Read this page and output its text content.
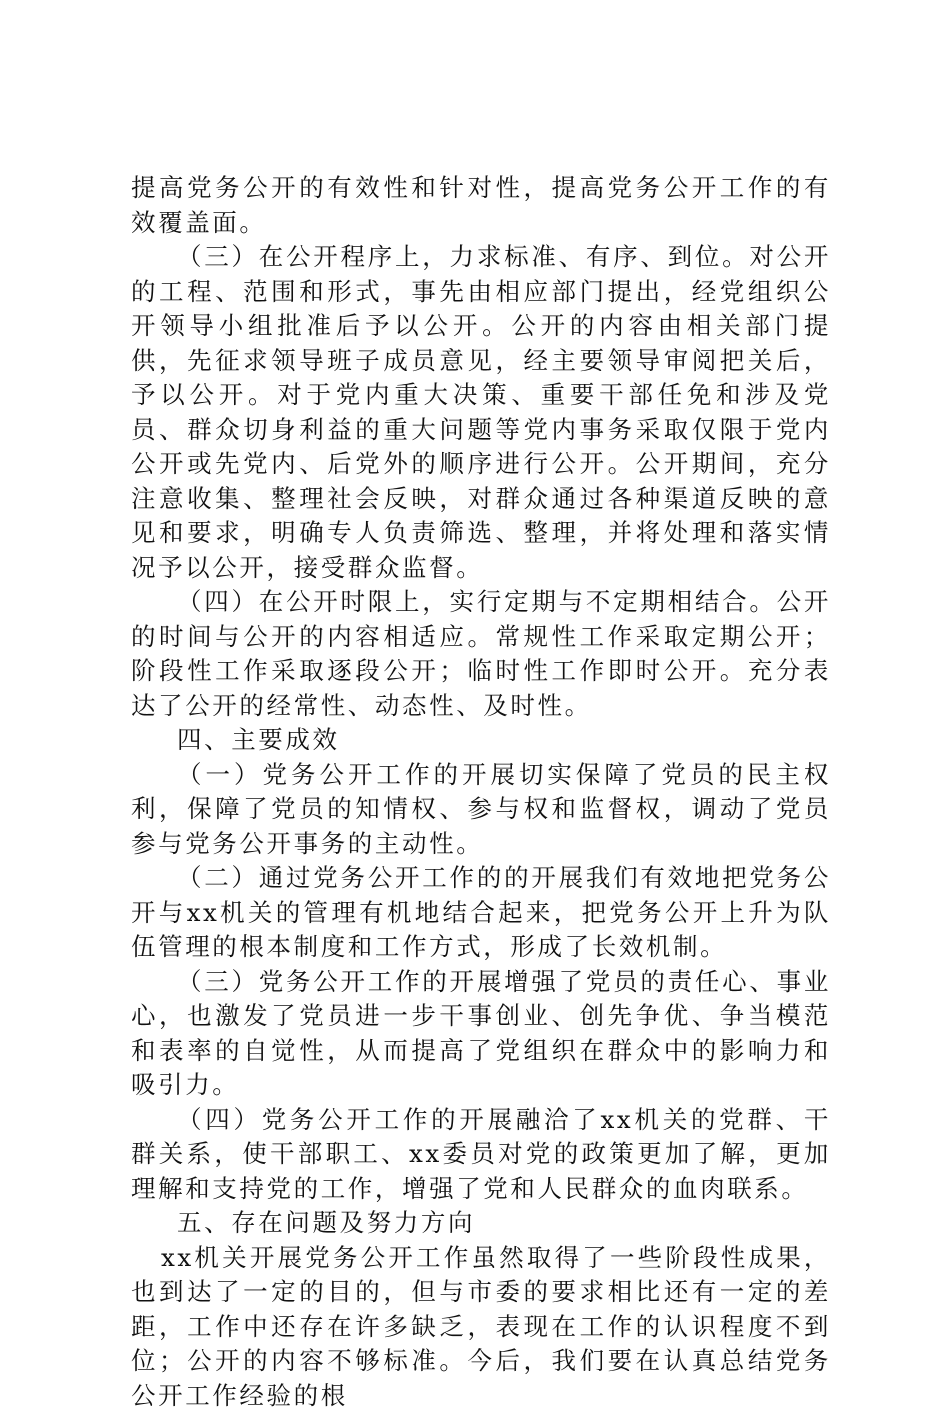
提高党务公开的有效性和针对性，提高党务公开工作的有效覆盖面。

（三）在公开程序上，力求标准、有序、到位。对公开的工程、范围和形式，事先由相应部门提出，经党组织公开领导小组批准后予以公开。公开的内容由相关部门提供，先征求领导班子成员意见，经主要领导审阅把关后，予以公开。对于党内重大决策、重要干部任免和涉及党员、群众切身利益的重大问题等党内事务采取仅限于党内公开或先党内、后党外的顺序进行公开。公开期间，充分注意收集、整理社会反映，对群众通过各种渠道反映的意见和要求，明确专人负责筛选、整理，并将处理和落实情况予以公开，接受群众监督。

（四）在公开时限上，实行定期与不定期相结合。公开的时间与公开的内容相适应。常规性工作采取定期公开；阶段性工作采取逐段公开；临时性工作即时公开。充分表达了公开的经常性、动态性、及时性。

四、主要成效

（一）党务公开工作的开展切实保障了党员的民主权利，保障了党员的知情权、参与权和监督权，调动了党员参与党务公开事务的主动性。

（二）通过党务公开工作的的开展我们有效地把党务公开与xx机关的管理有机地结合起来，把党务公开上升为队伍管理的根本制度和工作方式，形成了长效机制。

（三）党务公开工作的开展增强了党员的责任心、事业心，也激发了党员进一步干事创业、创先争优、争当模范和表率的自觉性，从而提高了党组织在群众中的影响力和吸引力。

（四）党务公开工作的开展融洽了xx机关的党群、干群关系，使干部职工、xx委员对党的政策更加了解，更加理解和支持党的工作，增强了党和人民群众的血肉联系。

五、存在问题及努力方向

xx机关开展党务公开工作虽然取得了一些阶段性成果，也到达了一定的目的，但与市委的要求相比还有一定的差距，工作中还存在许多缺乏，表现在工作的认识程度不到位；公开的内容不够标准。今后，我们要在认真总结党务公开工作经验的根
